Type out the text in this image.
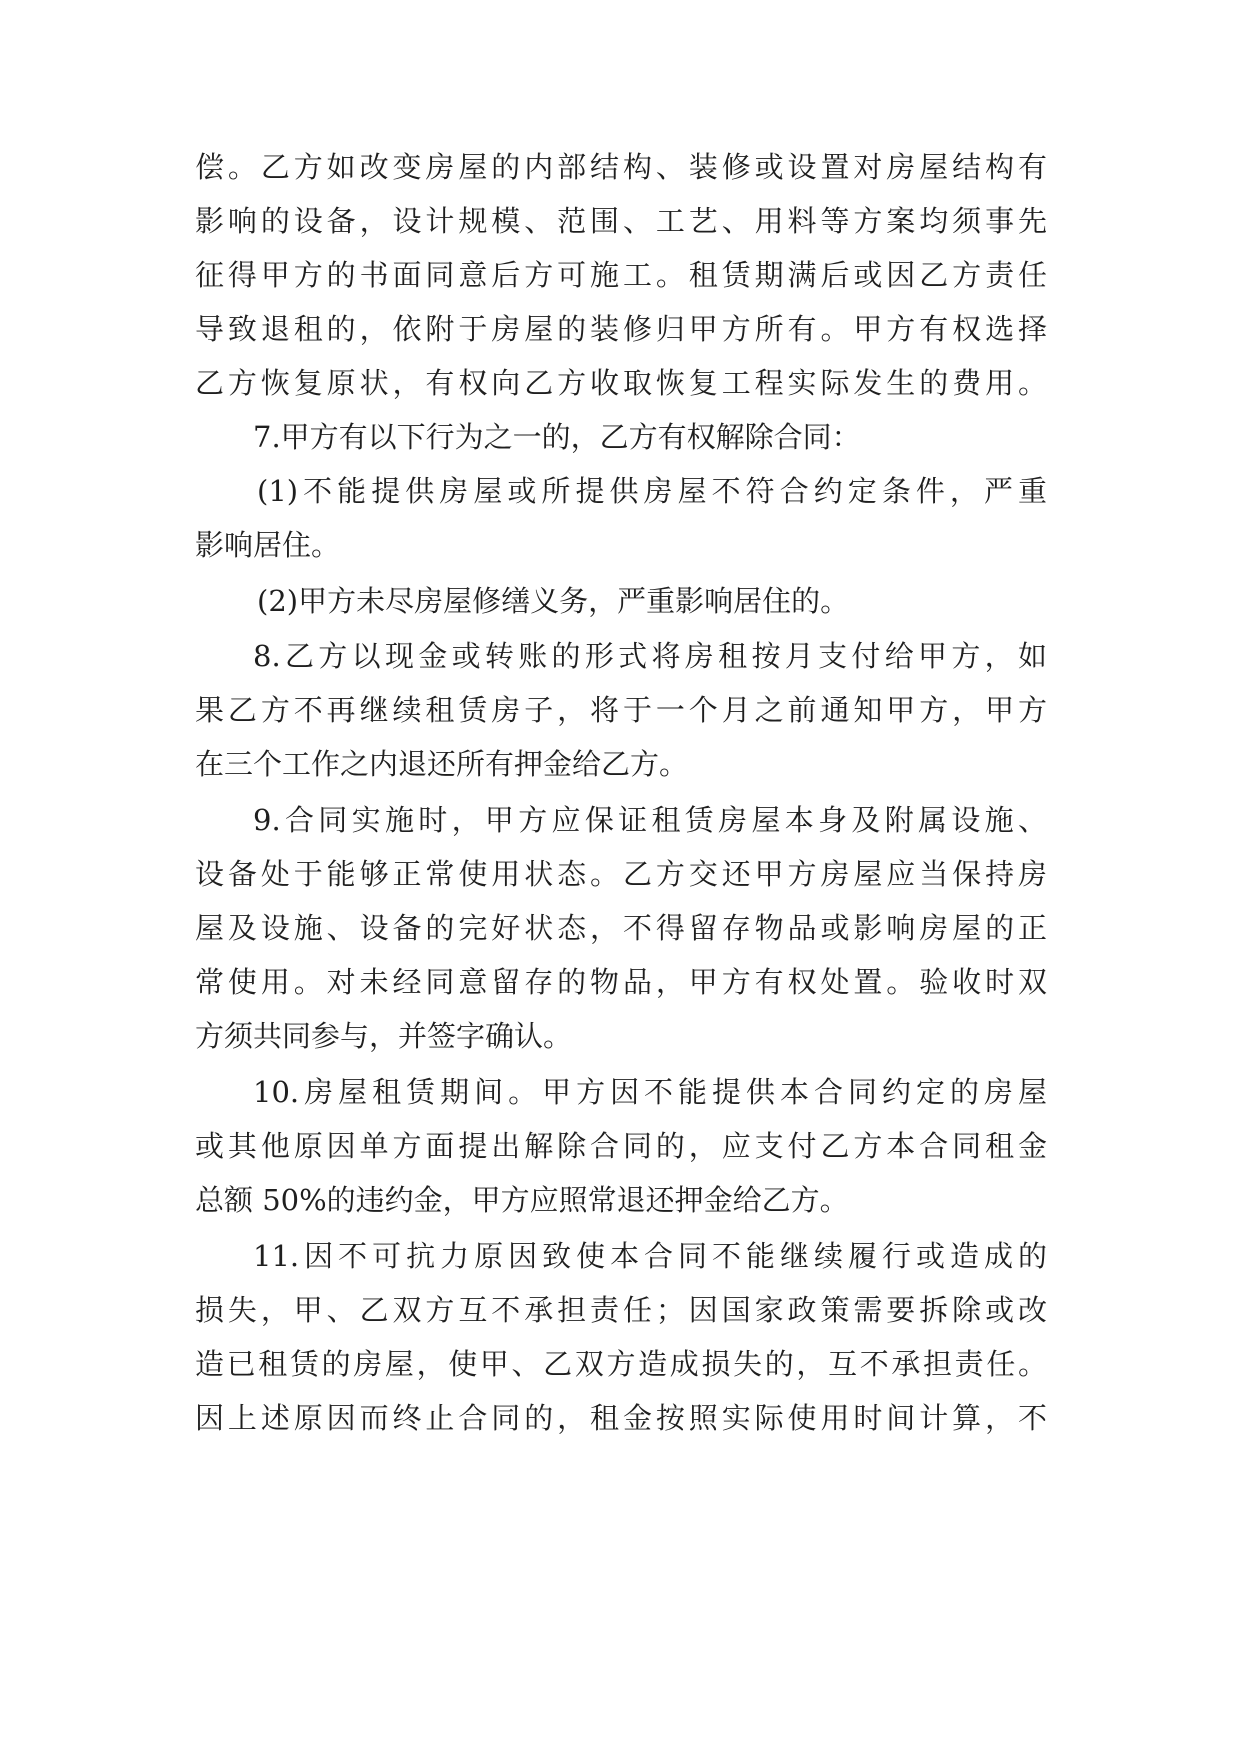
偿。乙方如改变房屋的内部结构、装修或设置对房屋结构有

影响的设备，设计规模、范围、工艺、用料等方案均须事先

征得甲方的书面同意后方可施工。租赁期满后或因乙方责任

导致退租的，依附于房屋的装修归甲方所有。甲方有权选择

乙方恢复原状，有权向乙方收取恢复工程实际发生的费用。

7.甲方有以下行为之一的，乙方有权解除合同：

(1)不能提供房屋或所提供房屋不符合约定条件，严重

影响居住。

(2)甲方未尽房屋修缮义务，严重影响居住的。

8.乙方以现金或转账的形式将房租按月支付给甲方，如

果乙方不再继续租赁房子，将于一个月之前通知甲方，甲方

在三个工作之内退还所有押金给乙方。

9.合同实施时，甲方应保证租赁房屋本身及附属设施、

设备处于能够正常使用状态。乙方交还甲方房屋应当保持房

屋及设施、设备的完好状态，不得留存物品或影响房屋的正

常使用。对未经同意留存的物品，甲方有权处置。验收时双

方须共同参与，并签字确认。

10.房屋租赁期间。甲方因不能提供本合同约定的房屋

或其他原因单方面提出解除合同的，应支付乙方本合同租金

总额 50%的违约金，甲方应照常退还押金给乙方。

11.因不可抗力原因致使本合同不能继续履行或造成的

损失，甲、乙双方互不承担责任；因国家政策需要拆除或改

造已租赁的房屋，使甲、乙双方造成损失的，互不承担责任。

因上述原因而终止合同的，租金按照实际使用时间计算，不
